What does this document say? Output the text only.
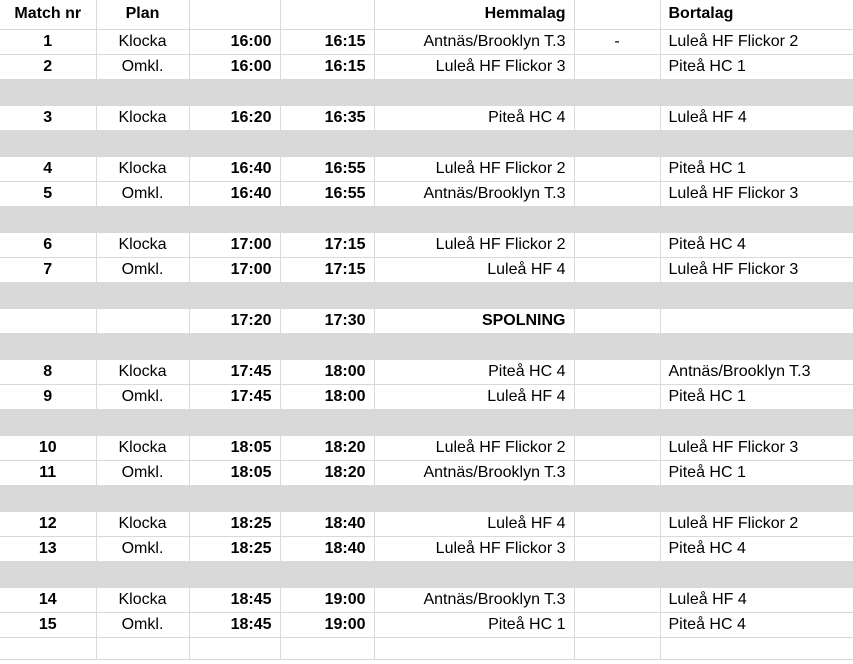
Match nr	Plan			Hemmalag		Bortalag
1	Klocka	16:00	16:15	Antnäs/Brooklyn T.3	-	Luleå HF Flickor 2
2	Omkl.	16:00	16:15	Luleå HF Flickor 3		Piteå HC 1

3	Klocka	16:20	16:35	Piteå HC 4		Luleå HF 4

4	Klocka	16:40	16:55	Luleå HF Flickor 2		Piteå HC 1
5	Omkl.	16:40	16:55	Antnäs/Brooklyn T.3		Luleå HF Flickor 3

6	Klocka	17:00	17:15	Luleå HF Flickor 2		Piteå HC 4
7	Omkl.	17:00	17:15	Luleå HF 4		Luleå HF Flickor 3

		17:20	17:30	SPOLNING		

8	Klocka	17:45	18:00	Piteå HC 4		Antnäs/Brooklyn T.3
9	Omkl.	17:45	18:00	Luleå HF 4		Piteå HC 1

10	Klocka	18:05	18:20	Luleå HF Flickor 2		Luleå HF Flickor 3
11	Omkl.	18:05	18:20	Antnäs/Brooklyn T.3		Piteå HC 1

12	Klocka	18:25	18:40	Luleå HF 4		Luleå HF Flickor 2
13	Omkl.	18:25	18:40	Luleå HF Flickor 3		Piteå HC 4

14	Klocka	18:45	19:00	Antnäs/Brooklyn T.3		Luleå HF 4
15	Omkl.	18:45	19:00	Piteå HC 1		Piteå HC 4
